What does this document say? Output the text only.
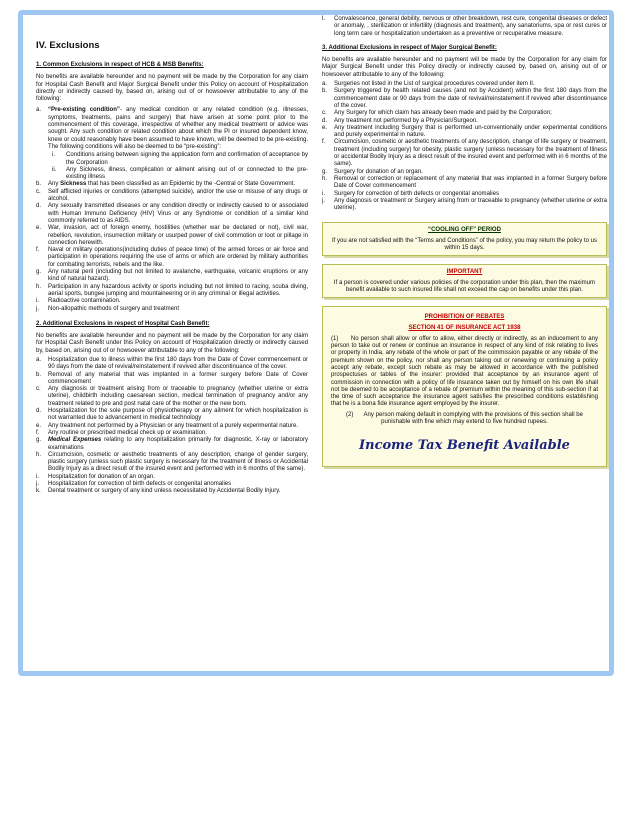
IV. Exclusions

1. Common Exclusions in respect of HCB & MSB Benefits:

No benefits are available hereunder and no payment will be made by the Corporation for any claim for Hospital Cash Benefit and Major Surgical Benefit under this Policy on account of Hospitalization directly or indirectly caused by, based on, arising out of or howsoever attributable to any of the following:

a. “Pre-existing condition”- any medical condition or any related condition (e.g. illnesses, symptoms, treatments, pains and surgery) that have arisen at some point prior to the commencement of this coverage, irrespective of whether any medical treatment or advice was sought. Any such condition or related condition about which the PI or insured dependent know, knew or could reasonably have been assumed to have known, will be deemed to be pre-existing. The following conditions will also be deemed to be “pre-existing”:
i. Conditions arising between signing the application form and confirmation of acceptance by the Corporation
ii. Any Sickness, illness, complication or ailment arising out of or connected to the pre-existing illness
b. Any Sickness that has been classified as an Epidemic by the -Central or State Government.
c. Self afflicted injuries or conditions (attempted suicide), and/or the use or misuse of any drugs or alcohol.
d. Any sexually transmitted diseases or any condition directly or indirectly caused to or associated with Human Immuno Deficiency (HIV) Virus or any Syndrome or condition of a similar kind commonly referred to as AIDS.
e. War, invasion, act of foreign enemy, hostilities (whether war be declared or not), civil war, rebellion, revolution, insurrection military or usurped power of civil commotion or loot or pillage in connection herewith.
f. Naval or military operations(including duties of peace time) of the armed forces or air force and participation in operations requiring the use of arms or which are ordered by military authorities for combating terrorists, rebels and the like.
g. Any natural peril (including but not limited to avalanche, earthquake, volcanic eruptions or any kind of natural hazard).
h. Participation in any hazardous activity or sports including but not limited to racing, scuba diving, aerial sports, bungee jumping and mountaineering or in any criminal or illegal activities.
i. Radioactive contamination.
j. Non-allopathic methods of surgery and treatment

2. Additional Exclusions in respect of Hospital Cash Benefit:

No benefits are available hereunder and no payment will be made by the Corporation for any claim for Hospital Cash Benefit under this Policy on account of Hospitalization directly or indirectly caused by, based on, arising out of or howsoever attributable to any of the following:

a. Hospitalization due to illness within the first 180 days from the Date of Cover commencement or 90 days from the date of revival/reinstatement if revived after discontinuance of the cover.
b. Removal of any material that was implanted in a former surgery before Date of Cover commencement
c. Any diagnosis or treatment arising from or traceable to pregnancy (whether uterine or extra uterine), childbirth including caesarean section, medical termination of pregnancy and/or any treatment related to pre and post natal care of the mother or the new born.
d. Hospitalization for the sole purpose of physiotherapy or any ailment for which hospitalization is not warranted due to advancement in medical technology
e. Any treatment not performed by a Physician or any treatment of a purely experimental nature.
f. Any routine or prescribed medical check up or examination.
g. Medical Expenses relating to any hospitalization primarily for diagnostic, X-ray or laboratory examinations
h. Circumcision, cosmetic or aesthetic treatments of any description, change of gender surgery, plastic surgery (unless such plastic surgery is necessary for the treatment of Illness or Accidental Bodily Injury as a direct result of the insured event and performed with in 6 months of the same).
i. Hospitalization for donation of an organ.
j. Hospitalization for correction of birth defects or congenital anomalies
k. Dental treatment or surgery of any kind unless necessitated by Accidental Bodily Injury.
l. Convalescence, general debility, nervous or other breakdown, rest cure, congenital diseases or defect or anomaly, , sterilization or infertility (diagnosis and treatment), any sanatoriums, spa or rest cures or long term care or hospitalization undertaken as a preventive or recuperative measure.

3. Additional Exclusions in respect of Major Surgical Benefit:

No benefits are available hereunder and no payment will be made by the Corporation for any claim for Major Surgical Benefit under this Policy directly or indirectly caused by, based on, arising out of or howsoever attributable to any of the following:

a. Surgeries not listed in the List of surgical procedures covered under item II.
b. Surgery triggered by health related causes (and not by Accident) within the first 180 days from the commencement date or 90 days from the date of revival/reinstatement if revived after discontinuance of the cover.
c. Any Surgery for which claim has already been made and paid by the Corporation;
d. Any treatment not performed by a Physician/Surgeon.
e. Any treatment including Surgery that is performed un-conventionally under experimental conditions and purely experimental in nature.
f. Circumcision, cosmetic or aesthetic treatments of any description, change of life surgery or treatment, treatment (including surgery) for obesity, plastic surgery (unless necessary for the treatment of Illness or accidental Bodily Injury as a direct result of the insured event and performed with in 6 months of the same).
g. Surgery for donation of an organ.
h. Removal or correction or replacement of any material that was implanted in a former Surgery before Date of Cover commencement
i. Surgery for correction of birth defects or congenital anomalies
j. Any diagnosis or treatment or Surgery arising from or traceable to pregnancy (whether uterine or extra uterine).
“COOLING OFF” PERIOD
If you are not satisfied with the “Terms and Conditions” of the policy, you may return the policy to us within 15 days.
IMPORTANT
If a person is covered under various policies of the corporation under this plan, then the maximum benefit available to such insured life shall not exceed the cap on benefits under this plan.
PROHIBITION OF REBATES
SECTION 41 OF INSURANCE ACT 1938

(1) No person shall allow or offer to allow, either directly or indirectly, as an inducement to any person to take out or renew or continue an insurance in respect of any kind of risk relating to lives or property in India, any rebate of the whole or part of the commission payable or any rebate of the premium shown on the policy, nor shall any person taking out or renewing or continuing a policy accept any rebate, except such rebate as may be allowed in accordance with the published prospectuses or tables of the insurer: provided that acceptance by an insurance agent of commission in connection with a policy of life insurance taken out by himself on his own life shall not be deemed to be acceptance of a rebate of premium within the meaning of this sub-section if at the time of such acceptance the insurance agent satisfies the prescribed conditions establishing that he is a bona fide insurance agent employed by the insurer.

(2) Any person making default in complying with the provisions of this section shall be punishable with fine which may extend to five hundred rupees.

Income Tax Benefit Available
